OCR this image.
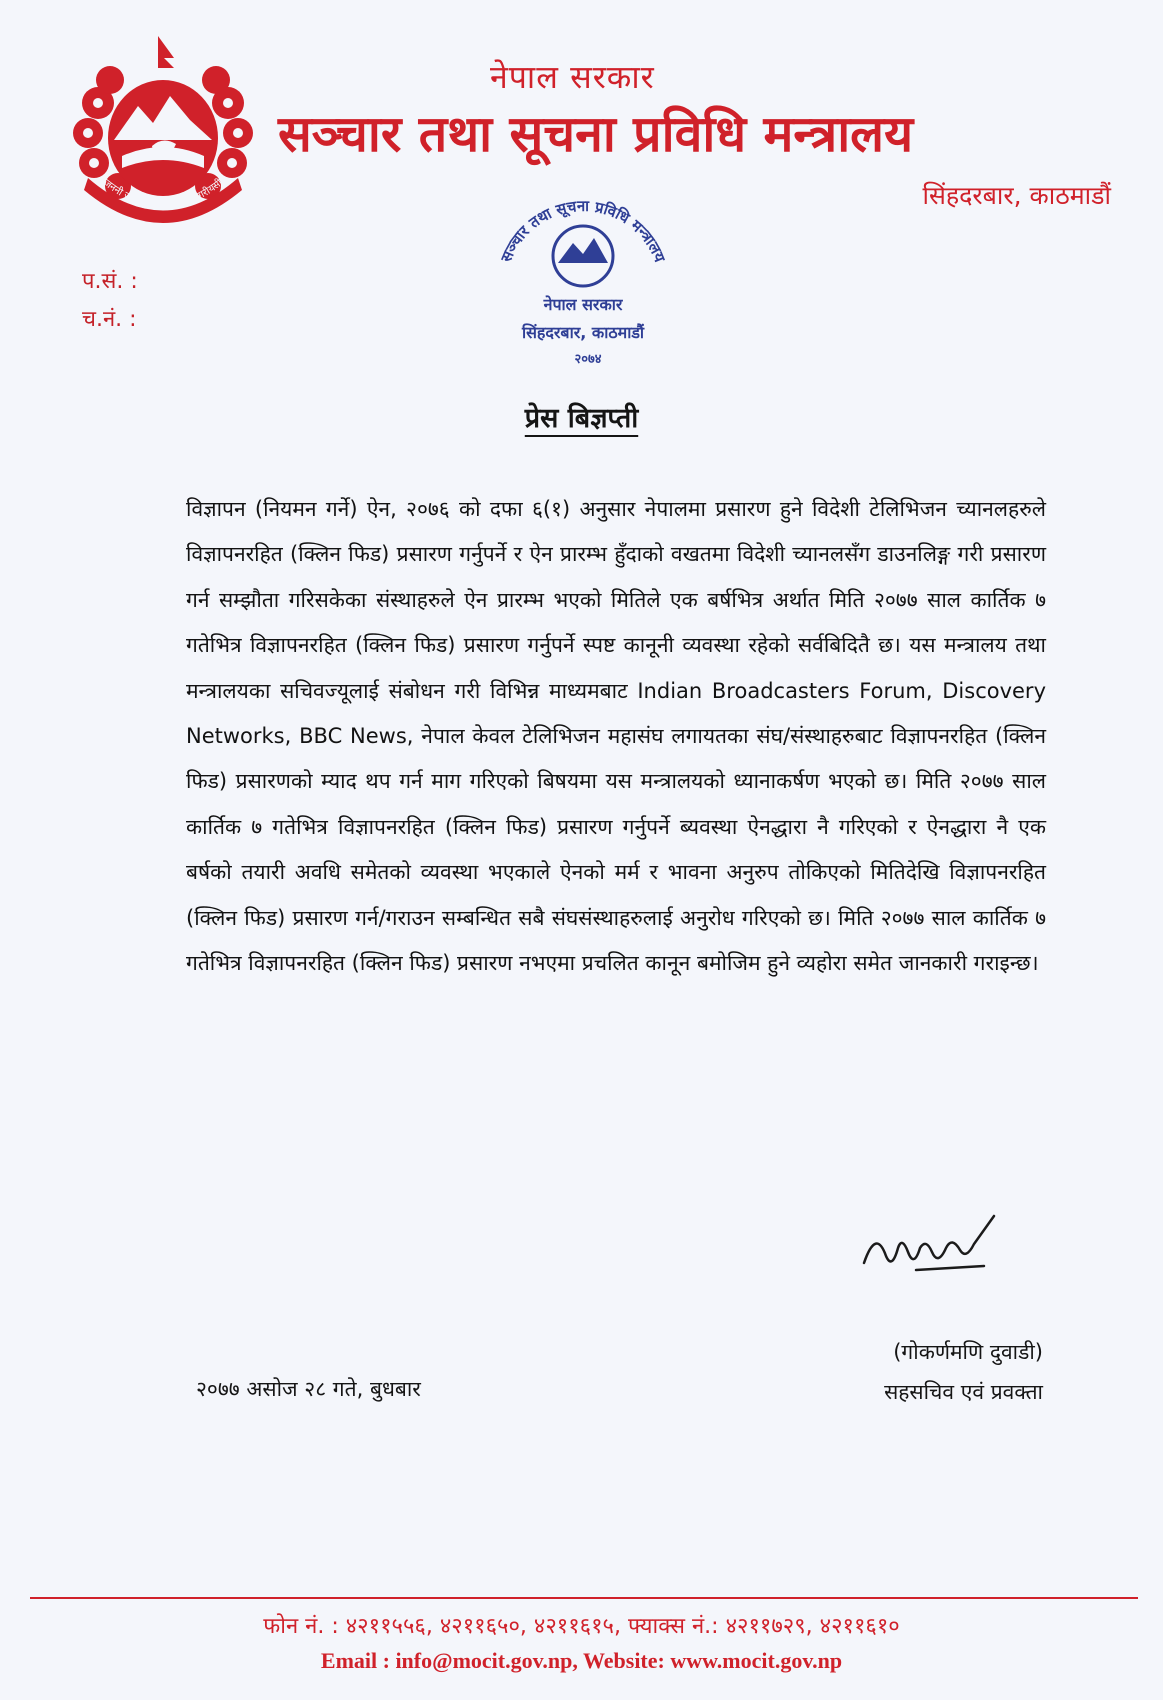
जननी जन्मभूमिश्च स्वर्गादपि गरीयसी
नेपाल सरकार
सञ्चार तथा सूचना प्रविधि मन्त्रालय
सिंहदरबार, काठमाडौं
प.सं. :
च.नं. :
सञ्चार तथा सूचना प्रविधि मन्त्रालय
नेपाल सरकार
सिंहदरबार, काठमाडौं
२०७४
प्रेस बिज्ञप्ती

विज्ञापन (नियमन गर्ने) ऐन, २०७६ को दफा ६(१) अनुसार नेपालमा प्रसारण हुने विदेशी टेलिभिजन च्यानलहरुले विज्ञापनरहित (क्लिन फिड) प्रसारण गर्नुपर्ने र ऐन प्रारम्भ हुँदाको वखतमा विदेशी च्यानलसँग डाउनलिङ्ग गरी प्रसारण गर्न सम्झौता गरिसकेका संस्थाहरुले ऐन प्रारम्भ भएको मितिले एक बर्षभित्र अर्थात मिति २०७७ साल कार्तिक ७ गतेभित्र विज्ञापनरहित (क्लिन फिड) प्रसारण गर्नुपर्ने स्पष्ट कानूनी व्यवस्था रहेको सर्वबिदितै छ। यस मन्त्रालय तथा मन्त्रालयका सचिवज्यूलाई संबोधन गरी विभिन्न माध्यमबाट Indian Broadcasters Forum, Discovery Networks, BBC News, नेपाल केवल टेलिभिजन महासंघ लगायतका संघ/संस्थाहरुबाट विज्ञापनरहित (क्लिन फिड) प्रसारणको म्याद थप गर्न माग गरिएको बिषयमा यस मन्त्रालयको ध्यानाकर्षण भएको छ। मिति २०७७ साल कार्तिक ७ गतेभित्र विज्ञापनरहित (क्लिन फिड) प्रसारण गर्नुपर्ने ब्यवस्था ऐनद्धारा नै गरिएको र ऐनद्धारा नै एक बर्षको तयारी अवधि समेतको व्यवस्था भएकाले ऐनको मर्म र भावना अनुरुप तोकिएको मितिदेखि विज्ञापनरहित (क्लिन फिड) प्रसारण गर्न/गराउन सम्बन्धित सबै संघसंस्थाहरुलाई अनुरोध गरिएको छ। मिति २०७७ साल कार्तिक ७ गतेभित्र विज्ञापनरहित (क्लिन फिड) प्रसारण नभएमा प्रचलित कानून बमोजिम हुने व्यहोरा समेत जानकारी गराइन्छ।

(गोकर्णमणि दुवाडी)
सहसचिव एवं प्रवक्ता
२०७७ असोज २८ गते, बुधबार
फोन नं. : ४२११५५६, ४२११६५०, ४२११६१५, फ्याक्स नं.: ४२११७२९, ४२११६१०
Email : info@mocit.gov.np, Website: www.mocit.gov.np
